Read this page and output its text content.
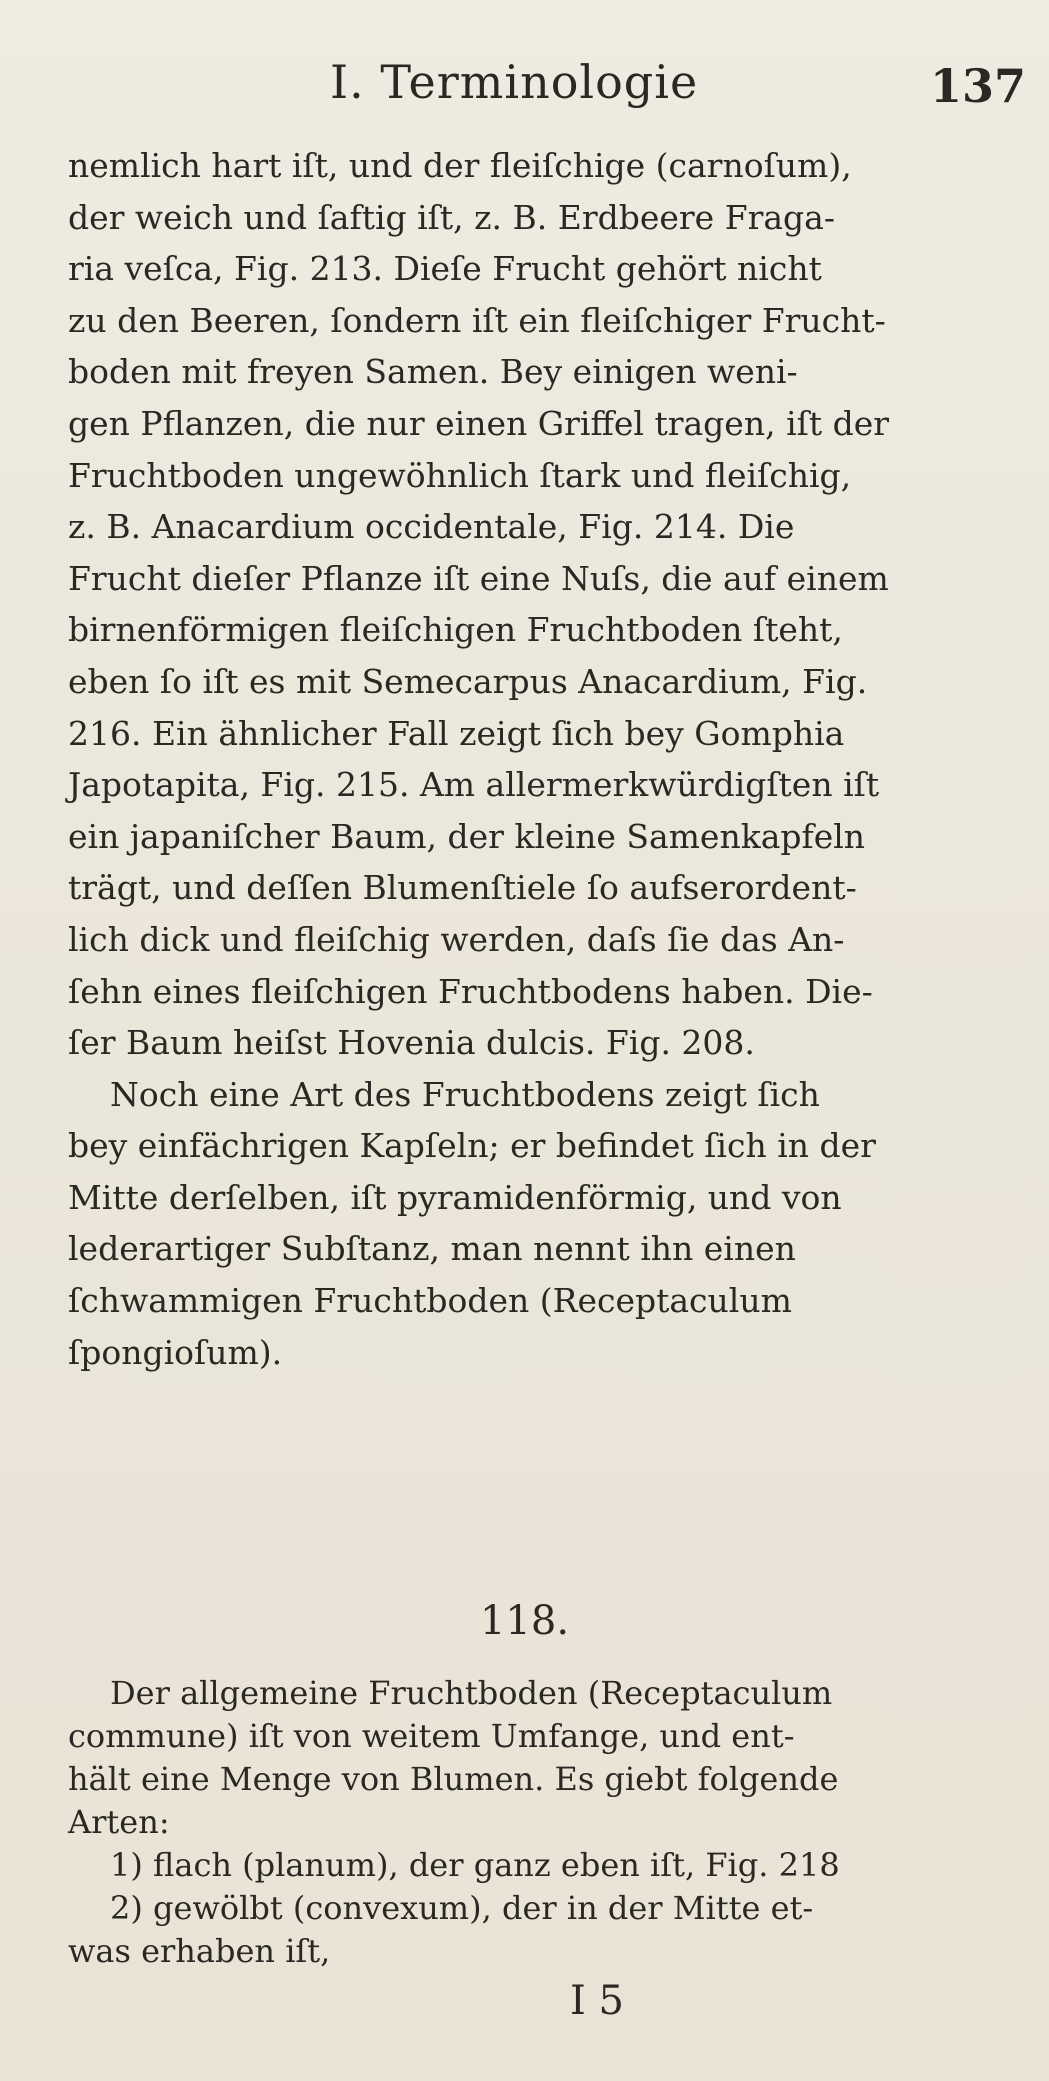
I. Terminologie	137
nemlich hart iſt, und der fleiſchige (carnoſum),
der weich und ſaftig iſt, z. B. Erdbeere Fraga-
ria veſca, Fig. 213. Dieſe Frucht gehört nicht
zu den Beeren, ſondern iſt ein fleiſchiger Frucht-
boden mit freyen Samen. Bey einigen weni-
gen Pflanzen, die nur einen Griffel tragen, iſt der
Fruchtboden ungewöhnlich ſtark und fleiſchig,
z. B. Anacardium occidentale, Fig. 214. Die
Frucht dieſer Pflanze iſt eine Nuſs, die auf einem
birnenförmigen fleiſchigen Fruchtboden ſteht,
eben ſo iſt es mit Semecarpus Anacardium, Fig.
216. Ein ähnlicher Fall zeigt ſich bey Gomphia
Japotapita, Fig. 215. Am allermerkwürdigſten iſt
ein japaniſcher Baum, der kleine Samenkapfeln
trägt, und deſſen Blumenſtiele ſo aufserordent-
lich dick und fleiſchig werden, daſs ſie das An-
ſehn eines fleiſchigen Fruchtbodens haben. Die-
ſer Baum heiſst Hovenia dulcis. Fig. 208.
Noch eine Art des Fruchtbodens zeigt ſich
bey einfächrigen Kapſeln; er befindet ſich in der
Mitte derſelben, iſt pyramidenförmig, und von
lederartiger Subſtanz, man nennt ihn einen
ſchwammigen Fruchtboden (Receptaculum
ſpongioſum).
118.
Der allgemeine Fruchtboden (Receptaculum
commune) iſt von weitem Umfange, und ent-
hält eine Menge von Blumen. Es giebt folgende
Arten:
1) flach (planum), der ganz eben iſt, Fig. 218
2) gewölbt (convexum), der in der Mitte et-
was erhaben iſt,
I 5
